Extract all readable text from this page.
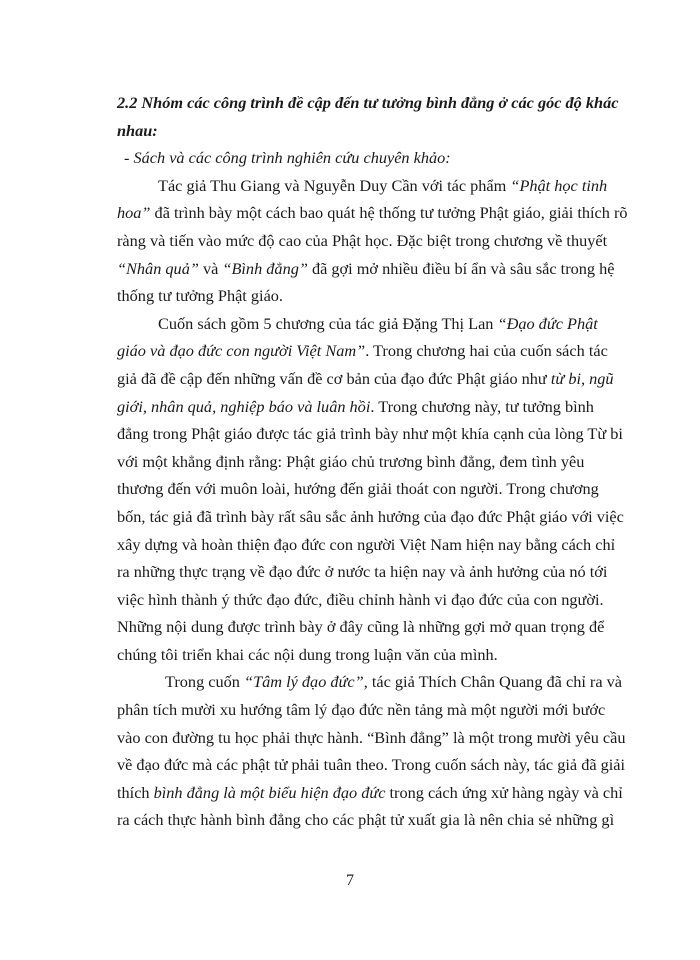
2.2 Nhóm các công trình đề cập đến tư tưởng bình đẳng ở các góc độ khác
nhau:
- Sách và các công trình nghiên cứu chuyên khảo:
Tác giả Thu Giang và Nguyễn Duy Cần với tác phẩm “Phật học tinh
hoa” đã trình bày một cách bao quát hệ thống tư tưởng Phật giáo, giải thích rõ
ràng và tiến vào mức độ cao của Phật học. Đặc biệt trong chương về thuyết
“Nhân quả” và “Bình đẳng” đã gợi mở nhiều điều bí ẩn và sâu sắc trong hệ
thống tư tưởng Phật giáo.
Cuốn sách gồm 5 chương của tác giả Đặng Thị Lan “Đạo đức Phật
giáo và đạo đức con người Việt Nam”. Trong chương hai của cuốn sách tác
giả đã đề cập đến những vấn đề cơ bản của đạo đức Phật giáo như từ bi, ngũ
giới, nhân quả, nghiệp báo và luân hồi. Trong chương này, tư tưởng bình
đẳng trong Phật giáo được tác giả trình bày như một khía cạnh của lòng Từ bi
với một khẳng định rằng: Phật giáo chủ trương bình đẳng, đem tình yêu
thương đến với muôn loài, hướng đến giải thoát con người. Trong chương
bốn, tác giả đã trình bày rất sâu sắc ảnh hưởng của đạo đức Phật giáo với việc
xây dựng và hoàn thiện đạo đức con người Việt Nam hiện nay bằng cách chỉ
ra những thực trạng về đạo đức ở nước ta hiện nay và ảnh hưởng của nó tới
việc hình thành ý thức đạo đức, điều chỉnh hành vi đạo đức của con người.
Những nội dung được trình bày ở đây cũng là những gợi mở quan trọng để
chúng tôi triển khai các nội dung trong luận văn của mình.
Trong cuốn “Tâm lý đạo đức”, tác giả Thích Chân Quang đã chỉ ra và
phân tích mười xu hướng tâm lý đạo đức nền tảng mà một người mới bước
vào con đường tu học phải thực hành. “Bình đẳng” là một trong mười yêu cầu
về đạo đức mà các phật tử phải tuân theo. Trong cuốn sách này, tác giả đã giải
thích bình đẳng là một biểu hiện đạo đức trong cách ứng xử hàng ngày và chỉ
ra cách thực hành bình đẳng cho các phật tử xuất gia là nên chia sẻ những gì
7
